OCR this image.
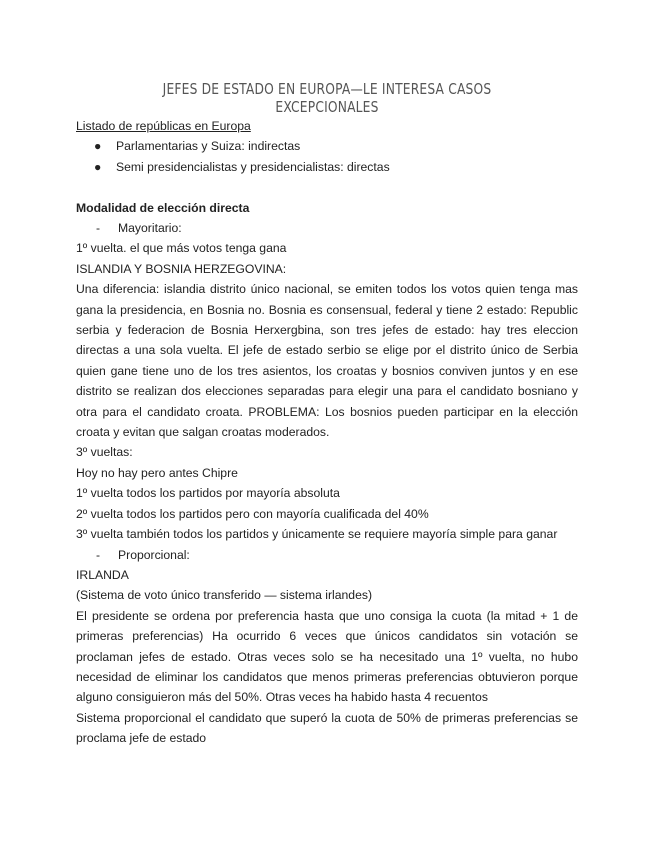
JEFES DE ESTADO EN EUROPA—LE INTERESA CASOS EXCEPCIONALES
Listado de repúblicas en Europa
●	Parlamentarias y Suiza: indirectas
●	Semi presidencialistas y presidencialistas: directas
Modalidad de elección directa
-	Mayoritario:
1º vuelta. el que más votos tenga gana
ISLANDIA Y BOSNIA HERZEGOVINA:
Una diferencia: islandia distrito único nacional, se emiten todos los votos quien tenga mas gana la presidencia, en Bosnia no. Bosnia es consensual, federal y tiene 2 estado: Republic serbia y federacion de Bosnia Herxergbina, son tres jefes de estado: hay tres eleccion directas a una sola vuelta. El jefe de estado serbio se elige por el distrito único de Serbia quien gane tiene uno de los tres asientos, los croatas y bosnios conviven juntos y en ese distrito se realizan dos elecciones separadas para elegir una para el candidato bosniano y otra para el candidato croata. PROBLEMA: Los bosnios pueden participar en la elección croata y evitan que salgan croatas moderados.
3º vueltas:
Hoy no hay pero antes Chipre
1º vuelta todos los partidos por mayoría absoluta
2º vuelta todos los partidos pero con mayoría cualificada del 40%
3º vuelta también todos los partidos y únicamente se requiere mayoría simple para ganar
-	Proporcional:
IRLANDA
(Sistema de voto único transferido — sistema irlandes)
El presidente se ordena por preferencia hasta que uno consiga la cuota (la mitad + 1 de primeras preferencias) Ha ocurrido 6 veces que únicos candidatos sin votación se proclaman jefes de estado. Otras veces solo se ha necesitado una 1º vuelta, no hubo necesidad de eliminar los candidatos que menos primeras preferencias obtuvieron porque alguno consiguieron más del 50%. Otras veces ha habido hasta 4 recuentos
Sistema proporcional el candidato que superó la cuota de 50% de primeras preferencias se proclama jefe de estado
